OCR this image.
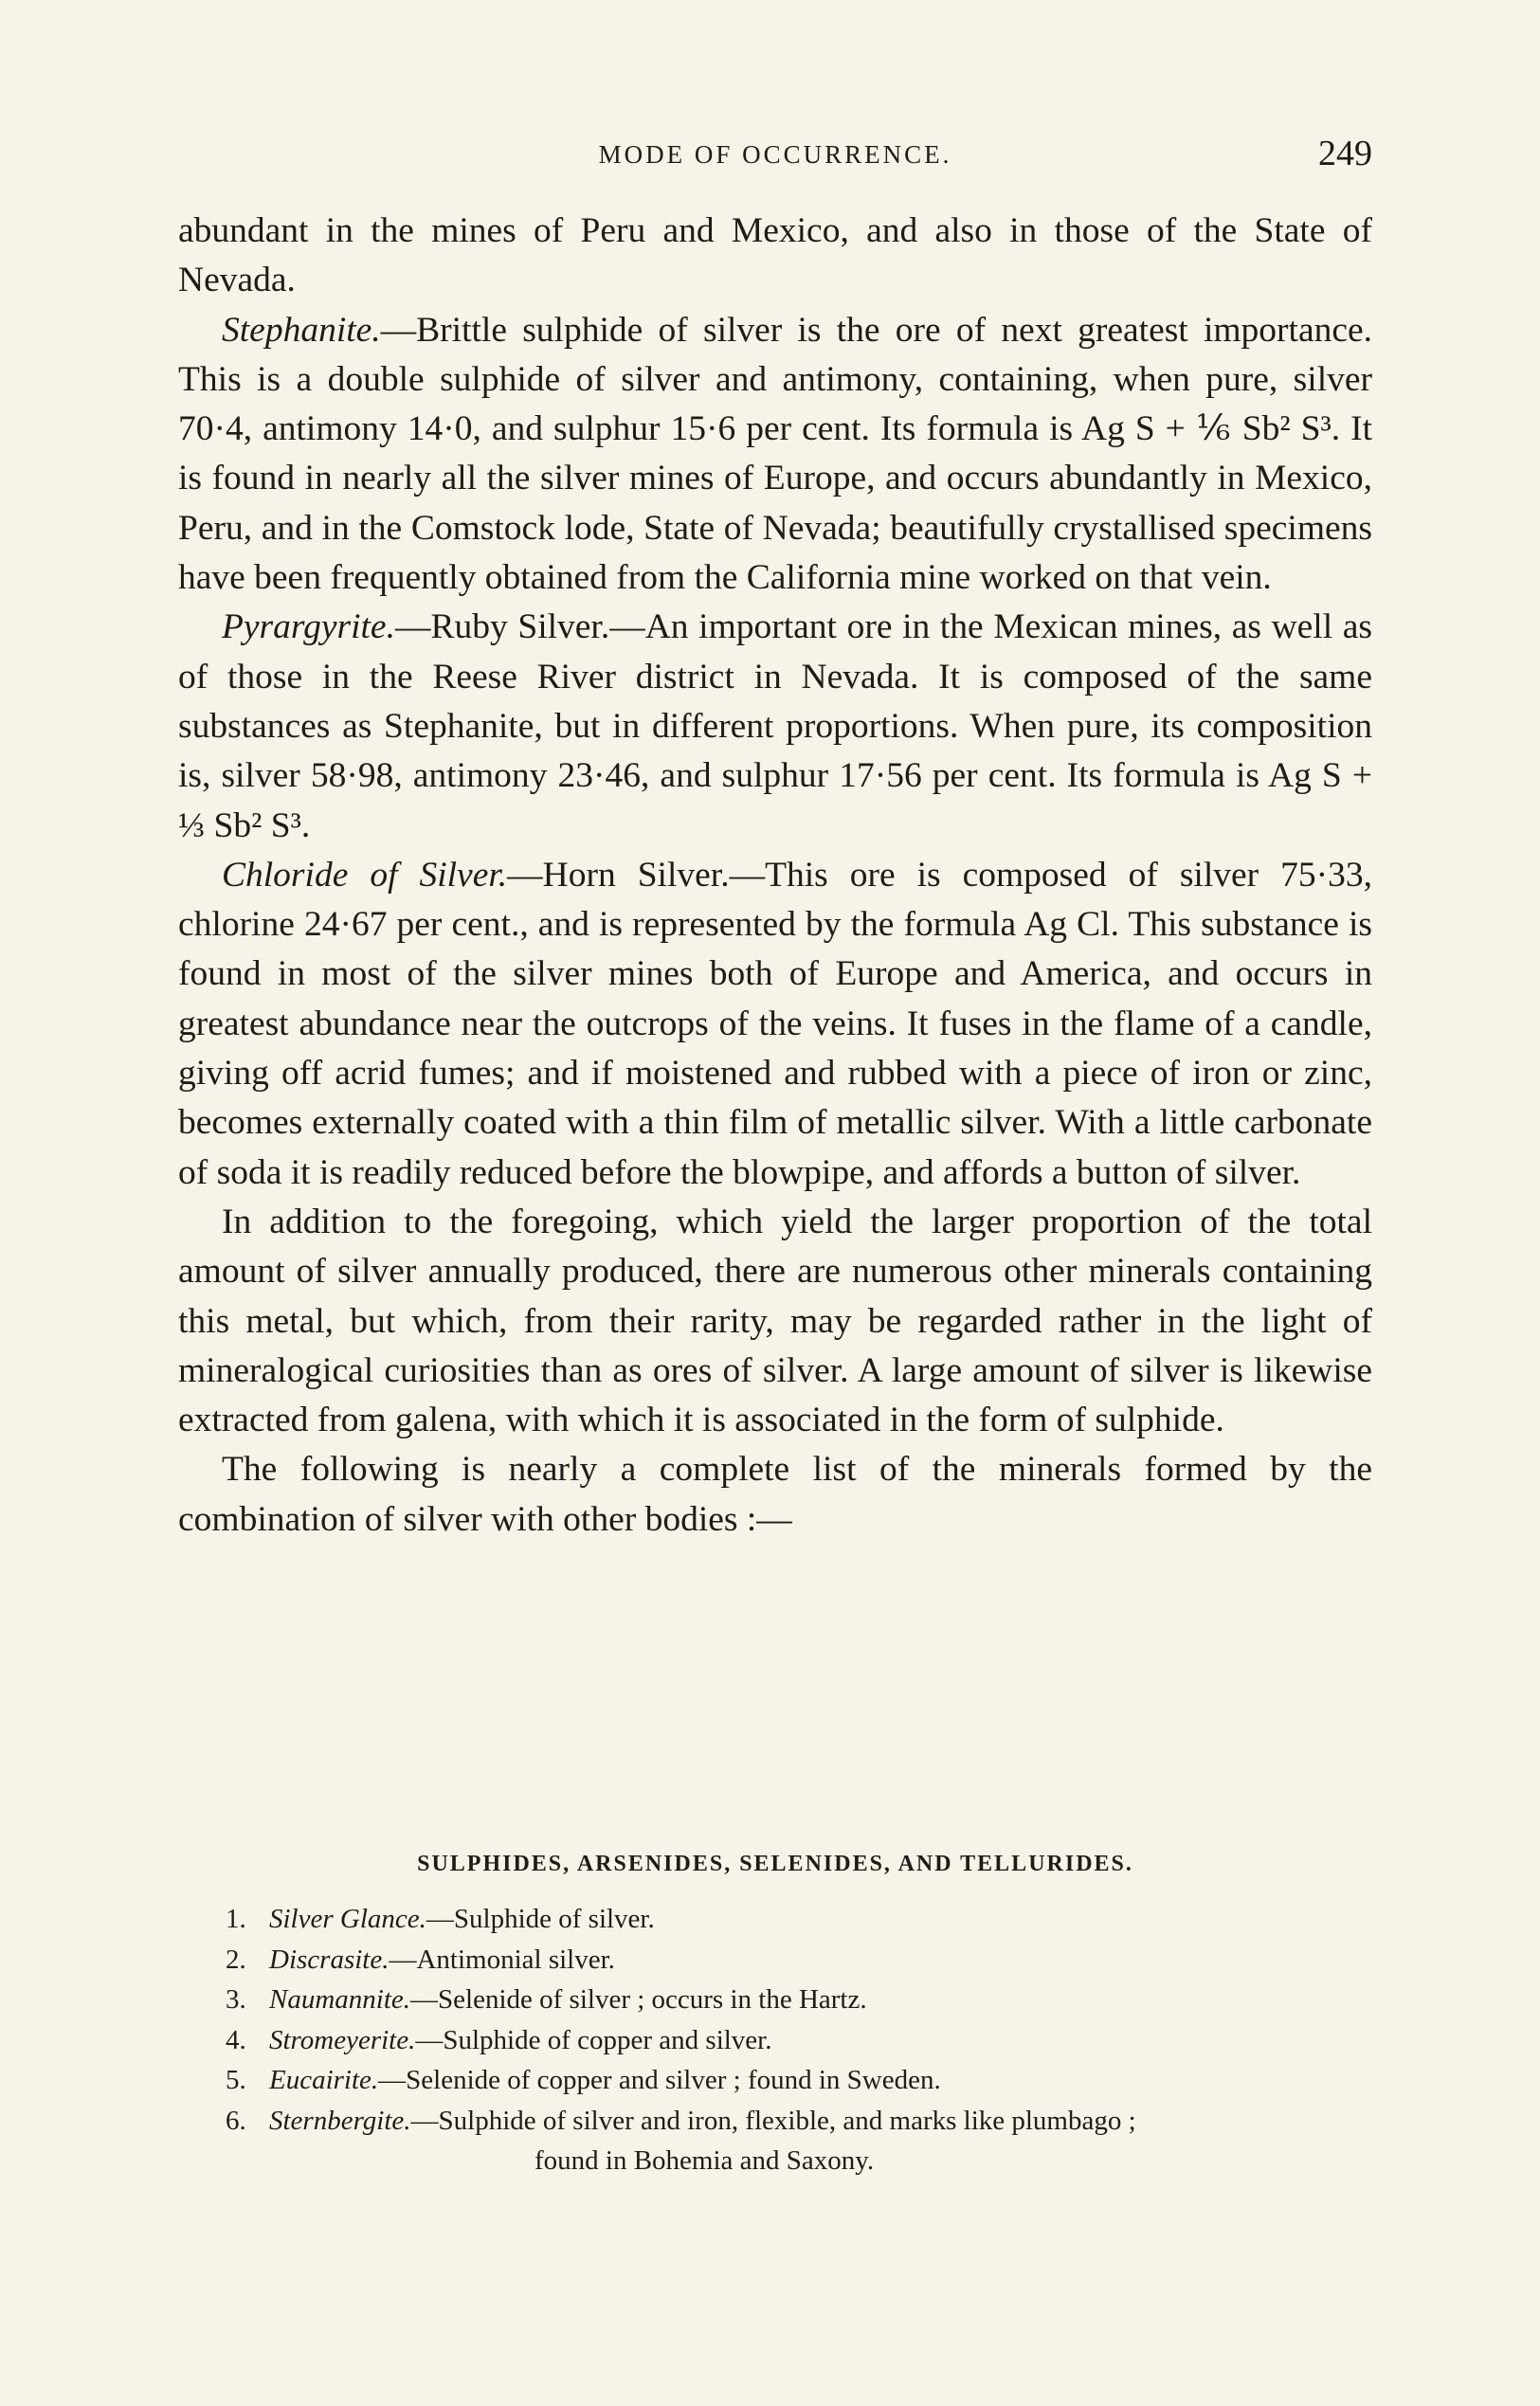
MODE OF OCCURRENCE.	249

abundant in the mines of Peru and Mexico, and also in those of the State of Nevada.

Stephanite.—Brittle sulphide of silver is the ore of next greatest importance. This is a double sulphide of silver and antimony, containing, when pure, silver 70·4, antimony 14·0, and sulphur 15·6 per cent. Its formula is Ag S + ⅙ Sb² S³. It is found in nearly all the silver mines of Europe, and occurs abundantly in Mexico, Peru, and in the Comstock lode, State of Nevada; beautifully crystallised specimens have been frequently obtained from the California mine worked on that vein.

Pyrargyrite.—Ruby Silver.—An important ore in the Mexican mines, as well as of those in the Reese River district in Nevada. It is composed of the same substances as Stephanite, but in different proportions. When pure, its composition is, silver 58·98, antimony 23·46, and sulphur 17·56 per cent. Its formula is Ag S + ⅓ Sb² S³.

Chloride of Silver.—Horn Silver.—This ore is composed of silver 75·33, chlorine 24·67 per cent., and is represented by the formula Ag Cl. This substance is found in most of the silver mines both of Europe and America, and occurs in greatest abundance near the outcrops of the veins. It fuses in the flame of a candle, giving off acrid fumes; and if moistened and rubbed with a piece of iron or zinc, becomes externally coated with a thin film of metallic silver. With a little carbonate of soda it is readily reduced before the blowpipe, and affords a button of silver.

In addition to the foregoing, which yield the larger proportion of the total amount of silver annually produced, there are numerous other minerals containing this metal, but which, from their rarity, may be regarded rather in the light of mineralogical curiosities than as ores of silver. A large amount of silver is likewise extracted from galena, with which it is associated in the form of sulphide.

The following is nearly a complete list of the minerals formed by the combination of silver with other bodies :—

SULPHIDES, ARSENIDES, SELENIDES, AND TELLURIDES.
1. Silver Glance.—Sulphide of silver.
2. Discrasite.—Antimonial silver.
3. Naumannite.—Selenide of silver ; occurs in the Hartz.
4. Stromeyerite.—Sulphide of copper and silver.
5. Eucairite.—Selenide of copper and silver ; found in Sweden.
6. Sternbergite.—Sulphide of silver and iron, flexible, and marks like plumbago ;
found in Bohemia and Saxony.
